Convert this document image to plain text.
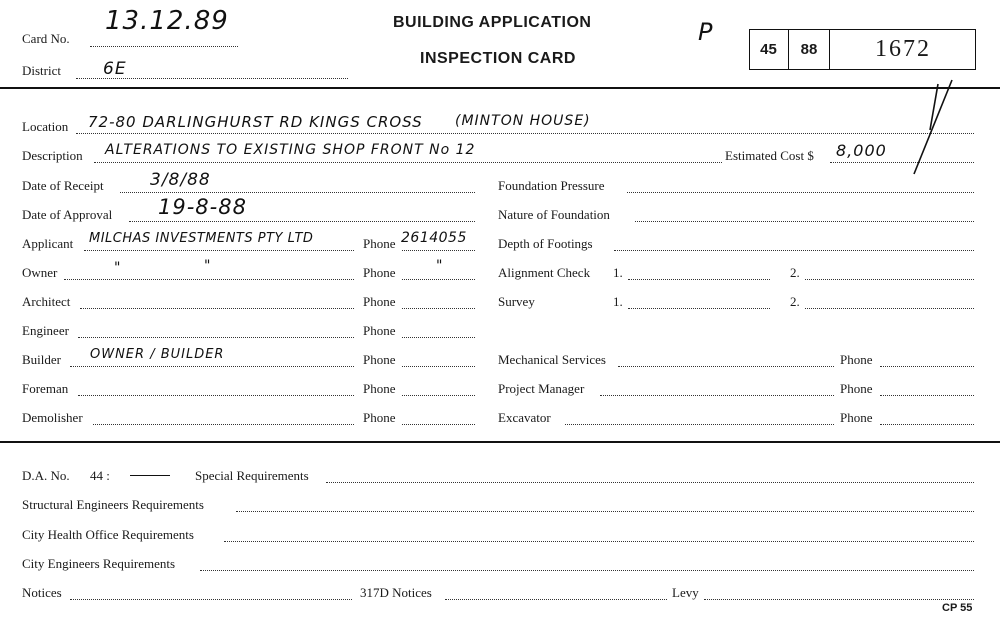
Card No.
13.12.89
District 6E
BUILDING APPLICATION
INSPECTION CARD
P
45	88	1672
Location 72-80 DARLINGHURST RD KINGS CROSS (MINTON HOUSE)
Description ALTERATIONS TO EXISTING SHOP FRONT No 12	Estimated Cost $ 8,000
Date of Receipt	3/8/88
Date of Approval 19-8-88
Applicant MILCHAS INVESTMENTS PTY LTD	Phone 2614055
Owner	"	"	Phone	"
Architect	Phone
Engineer	Phone
Builder OWNER / BUILDER	Phone
Foreman	Phone
Demolisher	Phone
Foundation Pressure
Nature of Foundation
Depth of Footings
Alignment Check 1.	2.
Survey	1.	2.
Mechanical Services	Phone
Project Manager	Phone
Excavator	Phone
D.A. No. 44 :	Special Requirements
Structural Engineers Requirements
City Health Office Requirements
City Engineers Requirements
Notices	317D Notices	Levy
CP 55
